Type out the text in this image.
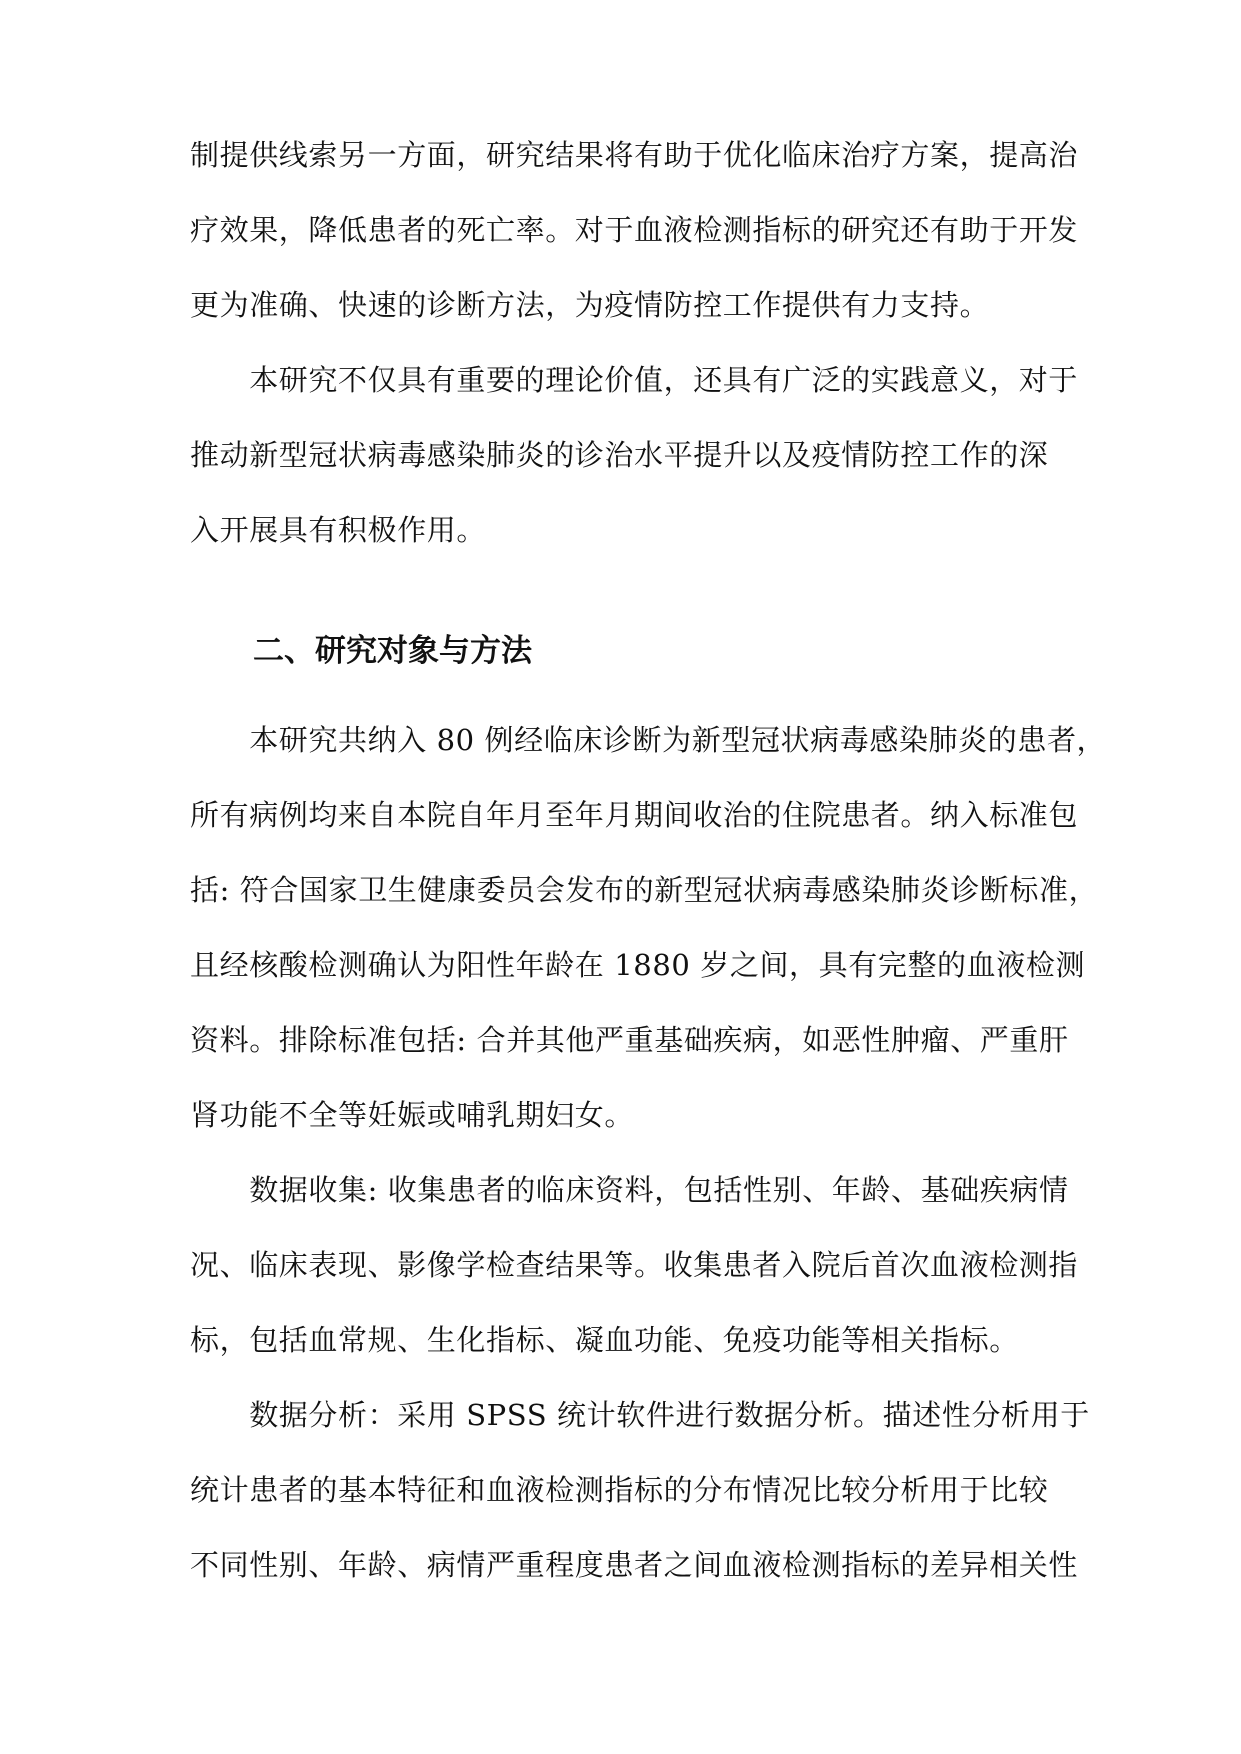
制提供线索另一方面，研究结果将有助于优化临床治疗方案，提高治
疗效果，降低患者的死亡率。对于血液检测指标的研究还有助于开发
更为准确、快速的诊断方法，为疫情防控工作提供有力支持。
　　本研究不仅具有重要的理论价值，还具有广泛的实践意义，对于
推动新型冠状病毒感染肺炎的诊治水平提升以及疫情防控工作的深
入开展具有积极作用。
二、研究对象与方法
　　本研究共纳入 80 例经临床诊断为新型冠状病毒感染肺炎的患者，
所有病例均来自本院自年月至年月期间收治的住院患者。纳入标准包
括: 符合国家卫生健康委员会发布的新型冠状病毒感染肺炎诊断标准，
且经核酸检测确认为阳性年龄在 1880 岁之间，具有完整的血液检测
资料。排除标准包括: 合并其他严重基础疾病，如恶性肿瘤、严重肝
肾功能不全等妊娠或哺乳期妇女。
　　数据收集: 收集患者的临床资料，包括性别、年龄、基础疾病情
况、临床表现、影像学检查结果等。收集患者入院后首次血液检测指
标，包括血常规、生化指标、凝血功能、免疫功能等相关指标。
　　数据分析：采用 SPSS 统计软件进行数据分析。描述性分析用于
统计患者的基本特征和血液检测指标的分布情况比较分析用于比较
不同性别、年龄、病情严重程度患者之间血液检测指标的差异相关性
